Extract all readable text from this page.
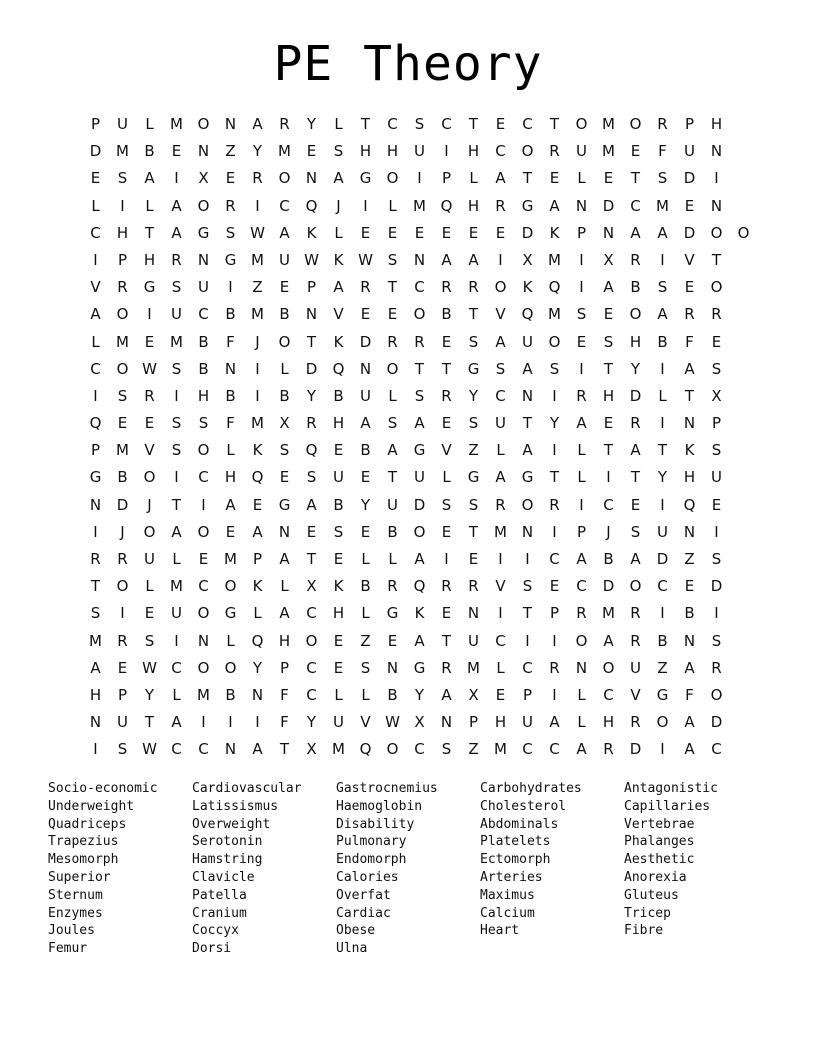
PE Theory
P	U	L	M O	N	A	R	Y	L	T	C	S	C	T	E	C	T	O M O	R	P	H
D M	B	E	N	Z	Y	M	E	S	H	H	U	I	H	C	O	R	U	M	E	F	U	N
E	S	A	I	X	E	R	O	N	A	G	O	I	P	L	A	T	E	L	E	T	S	D	I
L	I	L	A	O	R	I	C	Q	J	I	L	M Q	H	R	G	A	N	D	C	M	E	N
C	H	T	A	G	S W A	K	L	E	E	E	E	E	E	D	K	P	N	A	A	D	O	O
I	P	H	R	N	G M	U W K W S	N	A	A	I	X	M	I	X	R	I	V	T
V	R	G	S	U	I	Z	E	P	A	R	T	C	R	R	O	K	Q	I	A	B	S	E	O
A	O	I	U	C	B	M	B	N	V	E	E	O	B	T	V	Q M	S	E	O	A	R	R
L	M	E	M	B	F	J	O	T	K	D	R	R	E	S	A	U	O	E	S	H	B	F	E
C	O W S	B	N	I	L	D	Q	N	O	T	T	G	S	A	S	I	T	Y	I	A	S
I	S	R	I	H	B	I	B	Y	B	U	L	S	R	Y	C	N	I	R	H	D	L	T	X
Q	E	E	S	S	F	M	X	R	H	A	S	A	E	S	U	T	Y	A	E	R	I	N	P
P	M	V	S	O	L	K	S	Q	E	B	A	G	V	Z	L	A	I	L	T	A	T	K	S
G	B	O	I	C	H	Q	E	S	U	E	T	U	L	G	A	G	T	L	I	T	Y	H	U
N	D	J	T	I	A	E	G	A	B	Y	U	D	S	S	R	O	R	I	C	E	I	Q	E
I	J	O	A	O	E	A	N	E	S	E	B	O	E	T	M N	I	P	J	S	U	N	I
R	R	U	L	E	M	P	A	T	E	L	L	A	I	E	I	I	C	A	B	A	D	Z	S
T	O	L	M	C	O	K	L	X	K	B	R	Q	R	R	V	S	E	C	D	O	C	E	D
S	I	E	U	O	G	L	A	C	H	L	G	K	E	N	I	T	P	R	M	R	I	B	I
M	R	S	I	N	L	Q	H	O	E	Z	E	A	T	U	C	I	I	O	A	R	B	N	S
A	E W C	O	O	Y	P	C	E	S	N	G	R	M	L	C	R	N	O	U	Z	A	R
H	P	Y	L	M	B	N	F	C	L	L	B	Y	A	X	E	P	I	L	C	V	G	F	O
N	U	T	A	I	I	I	F	Y	U	V W X	N	P	H	U	A	L	H	R	O	A	D
I	S W C	C	N	A	T	X	M Q	O	C	S	Z	M	C	C	A	R	D	I	A	C
Socio-economic
Underweight
Quadriceps
Trapezius
Mesomorph
Superior
Sternum
Enzymes
Joules
Femur
Cardiovascular
Latissismus
Overweight
Serotonin
Hamstring
Clavicle
Patella
Cranium
Coccyx
Dorsi
Gastrocnemius
Haemoglobin
Disability
Pulmonary
Endomorph
Calories
Overfat
Cardiac
Obese
Ulna
Carbohydrates
Cholesterol
Abdominals
Platelets
Ectomorph
Arteries
Maximus
Calcium
Heart
Antagonistic
Capillaries
Vertebrae
Phalanges
Aesthetic
Anorexia
Gluteus
Tricep
Fibre
